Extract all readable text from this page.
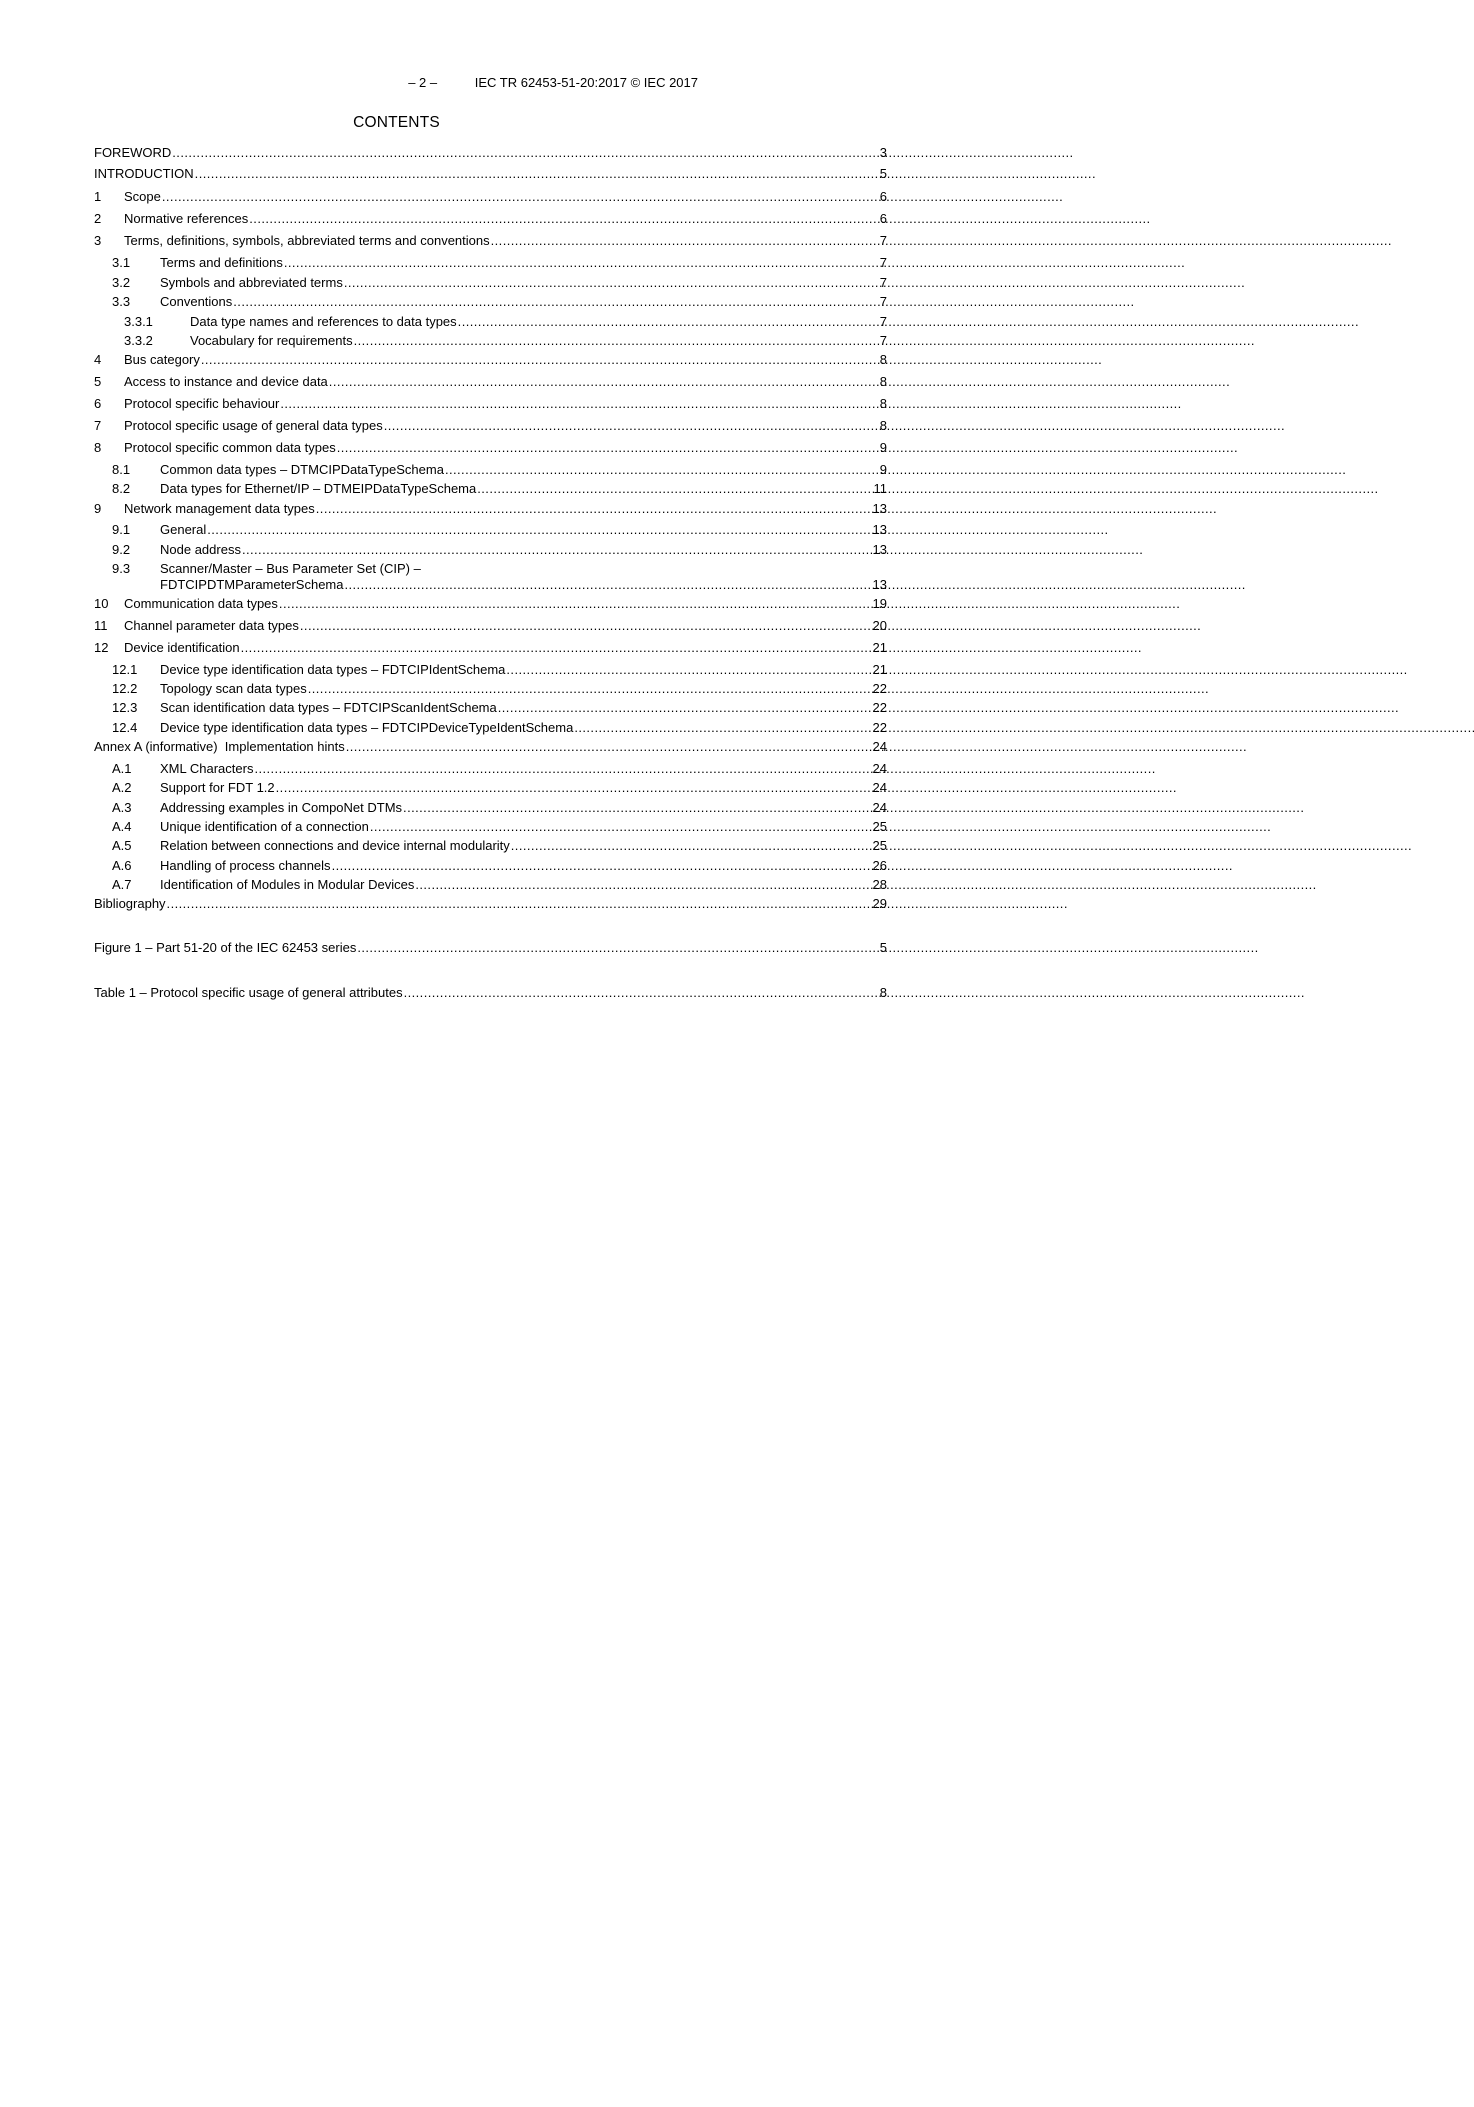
– 2 –	IEC TR 62453-51-20:2017 © IEC 2017
CONTENTS
FOREWORD . . .	3
INTRODUCTION . . .	5
1	Scope . . .	6
2	Normative references . . .	6
3	Terms, definitions, symbols, abbreviated terms and conventions . . .	7
3.1	Terms and definitions . . .	7
3.2	Symbols and abbreviated terms . . .	7
3.3	Conventions . . .	7
3.3.1	Data type names and references to data types . . .	7
3.3.2	Vocabulary for requirements . . .	7
4	Bus category . . .	8
5	Access to instance and device data . . .	8
6	Protocol specific behaviour . . .	8
7	Protocol specific usage of general data types . . .	8
8	Protocol specific common data types . . .	9
8.1	Common data types – DTMCIPDataTypeSchema . . .	9
8.2	Data types for Ethernet/IP – DTMEIPDataTypeSchema . . .	11
9	Network management data types . . .	13
9.1	General . . .	13
9.2	Node address . . .	13
9.3	Scanner/Master – Bus Parameter Set (CIP) –
FDTCIPDTMParameterSchema . . .	13
10	Communication data types . . .	19
11	Channel parameter data types . . .	20
12	Device identification . . .	21
12.1	Device type identification data types – FDTCIPIdentSchema . . .	21
12.2	Topology scan data types . . .	22
12.3	Scan identification data types – FDTCIPScanIdentSchema . . .	22
12.4	Device type identification data types – FDTCIPDeviceTypeIdentSchema . . .	22
Annex A (informative)  Implementation hints . . .	24
A.1	XML Characters . . .	24
A.2	Support for FDT 1.2 . . .	24
A.3	Addressing examples in CompoNet DTMs . . .	24
A.4	Unique identification of a connection . . .	25
A.5	Relation between connections and device internal modularity . . .	25
A.6	Handling of process channels . . .	26
A.7	Identification of Modules in Modular Devices . . .	28
Bibliography . . .	29
Figure 1 – Part 51-20 of the IEC 62453 series . . .	5
Table 1 – Protocol specific usage of general attributes . . .	8
